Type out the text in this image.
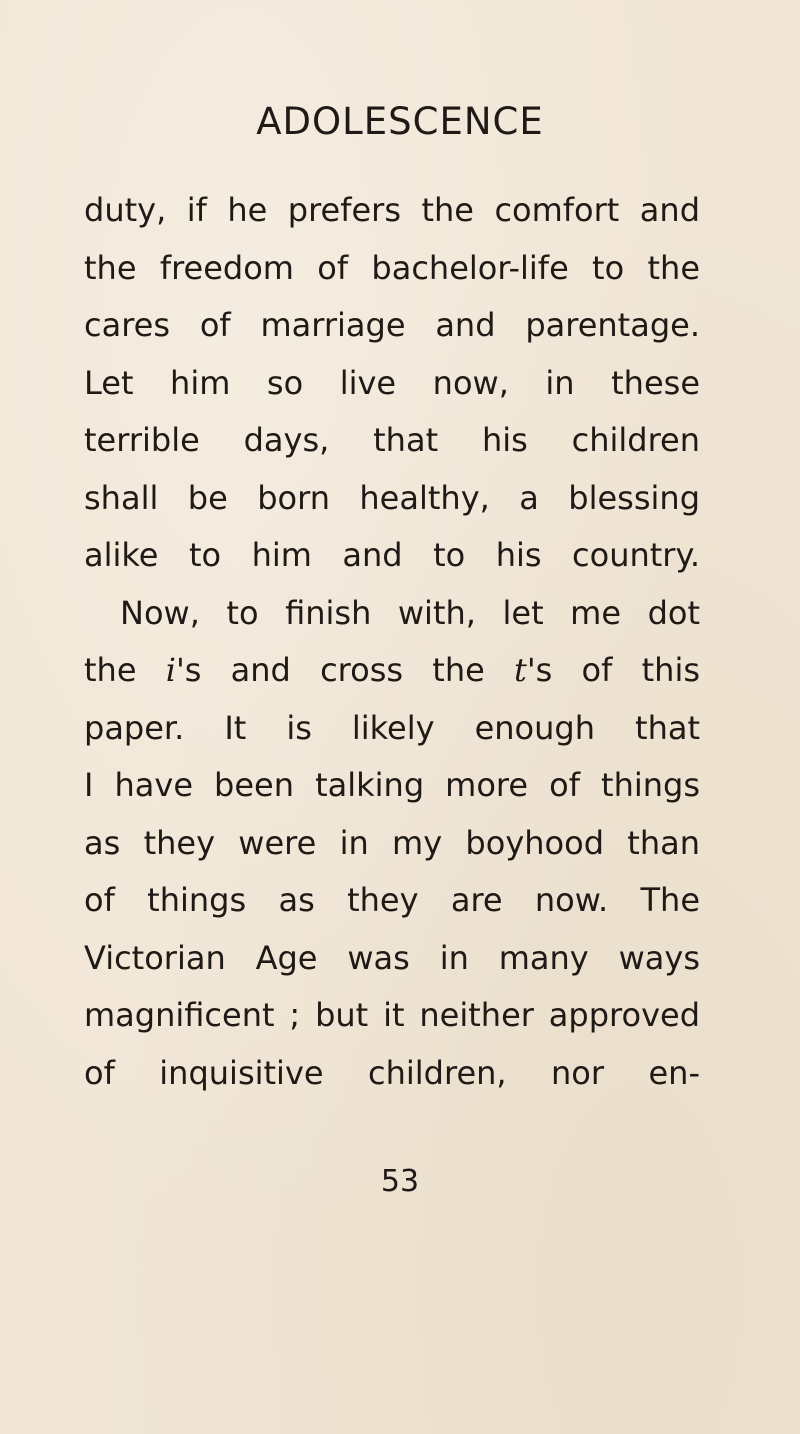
ADOLESCENCE
duty, if he prefers the comfort and
the freedom of bachelor-life to the
cares of marriage and parentage.
Let him so live now, in these
terrible days, that his children
shall be born healthy, a blessing
alike to him and to his country.
Now, to finish with, let me dot
the i's and cross the t's of this
paper. It is likely enough that
I have been talking more of things
as they were in my boyhood than
of things as they are now. The
Victorian Age was in many ways
magnificent ; but it neither approved
of inquisitive children, nor en-
53
